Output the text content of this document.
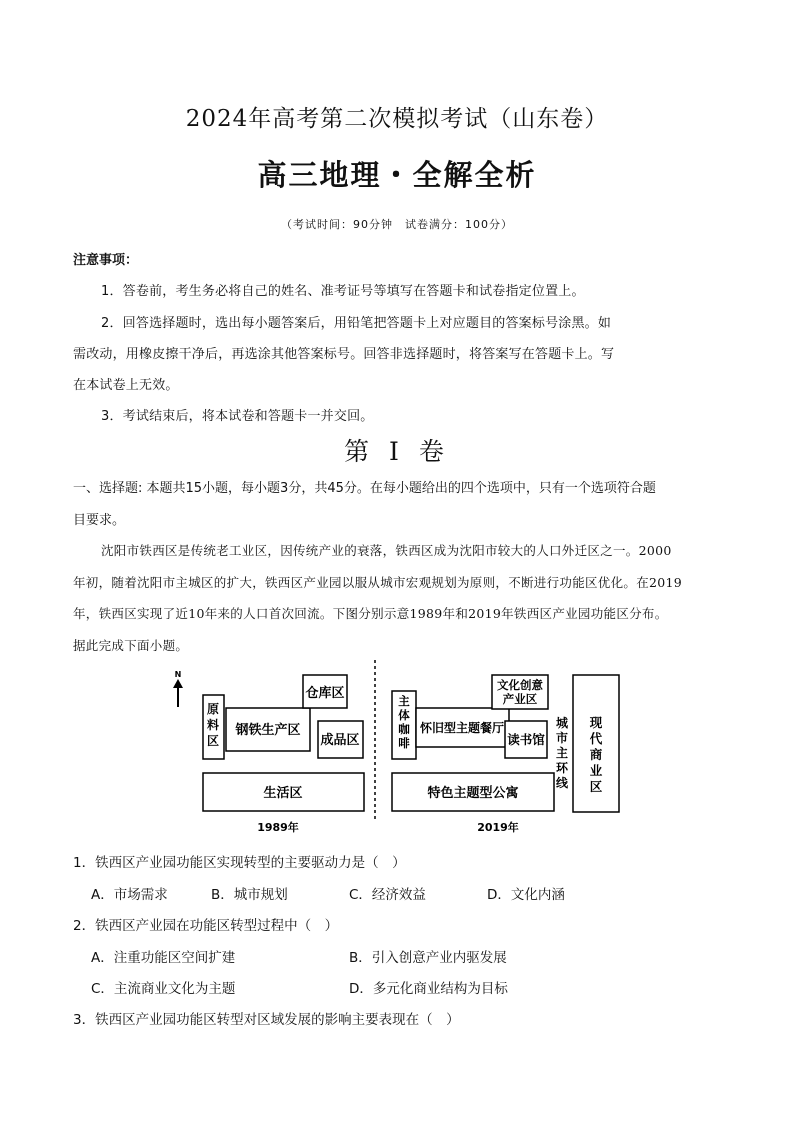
2024年高考第二次模拟考试（山东卷）
高三地理・全解全析
（考试时间：90分钟　试卷满分：100分）
注意事项：
1．答卷前，考生务必将自己的姓名、准考证号等填写在答题卡和试卷指定位置上。
2．回答选择题时，选出每小题答案后，用铅笔把答题卡上对应题目的答案标号涂黑。如
需改动，用橡皮擦干净后，再选涂其他答案标号。回答非选择题时，将答案写在答题卡上。写
在本试卷上无效。
3．考试结束后，将本试卷和答题卡一并交回。
第 I 卷
一、选择题: 本题共15小题，每小题3分，共45分。在每小题给出的四个选项中，只有一个选项符合题
目要求。
沈阳市铁西区是传统老工业区，因传统产业的衰落，铁西区成为沈阳市较大的人口外迁区之一。2000
年初，随着沈阳市主城区的扩大，铁西区产业园以服从城市宏观规划为原则，不断进行功能区优化。在2019
年，铁西区实现了近10年来的人口首次回流。下图分别示意1989年和2019年铁西区产业园功能区分布。
据此完成下面小题。
N
原料区
钢铁生产区
仓库区
成品区
生活区
1989年
主体咖啡
怀旧型主题餐厅
文化创意产业区
读书馆
特色主题型公寓
城市主环线
现代商业区
2019年
1．铁西区产业园功能区实现转型的主要驱动力是（　）
A．市场需求	B．城市规划	C．经济效益	D．文化内涵
2．铁西区产业园在功能区转型过程中（　）
A．注重功能区空间扩建	B．引入创意产业内驱发展
C．主流商业文化为主题	D．多元化商业结构为目标
3．铁西区产业园功能区转型对区域发展的影响主要表现在（　）
